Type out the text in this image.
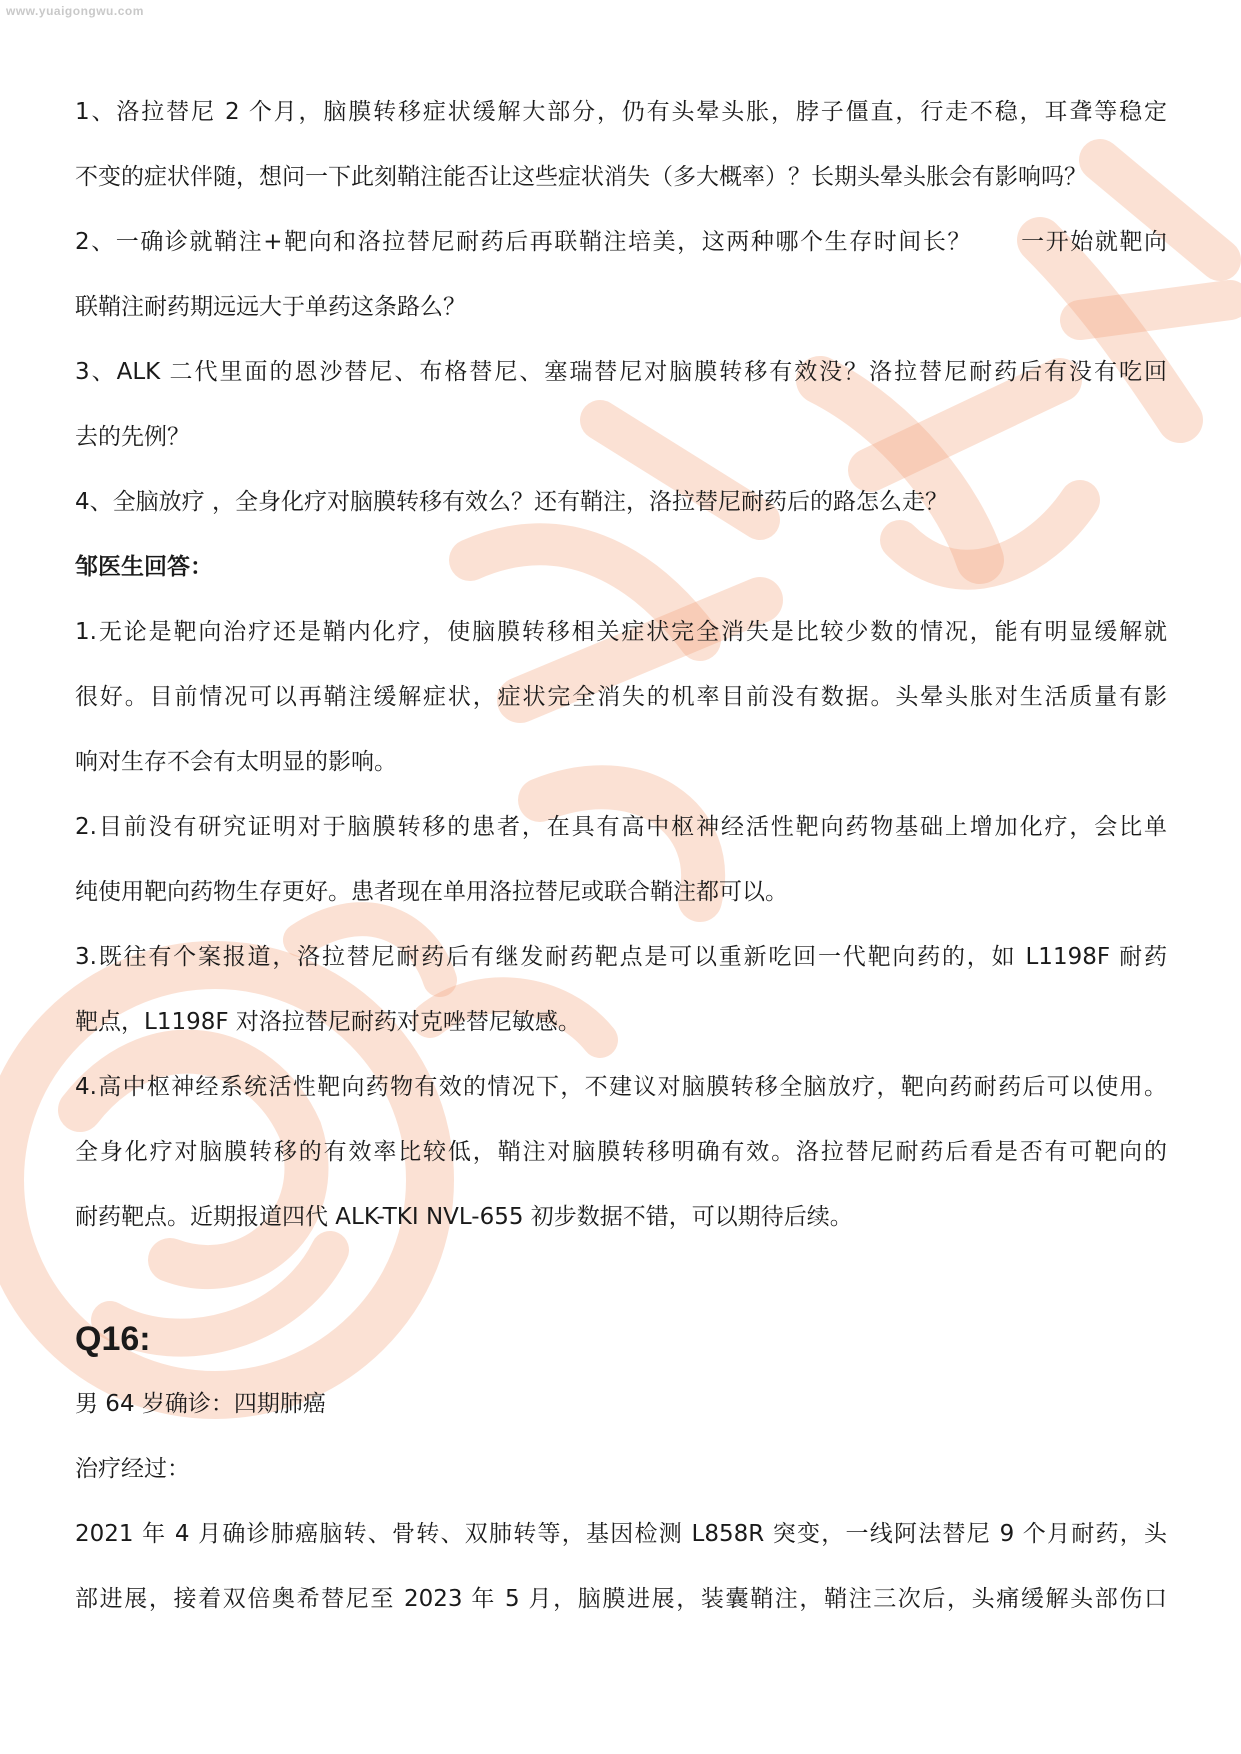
www.yuaigongwu.com

1、洛拉替尼 2 个月，脑膜转移症状缓解大部分，仍有头晕头胀，脖子僵直，行走不稳，耳聋等稳定

不变的症状伴随，想问一下此刻鞘注能否让这些症状消失（多大概率）？长期头晕头胀会有影响吗？

2、一确诊就鞘注+靶向和洛拉替尼耐药后再联鞘注培美，这两种哪个生存时间长？　　一开始就靶向

联鞘注耐药期远远大于单药这条路么？

3、ALK 二代里面的恩沙替尼、布格替尼、塞瑞替尼对脑膜转移有效没？洛拉替尼耐药后有没有吃回

去的先例？

4、全脑放疗 ，全身化疗对脑膜转移有效么？还有鞘注，洛拉替尼耐药后的路怎么走？

邹医生回答：

1.无论是靶向治疗还是鞘内化疗，使脑膜转移相关症状完全消失是比较少数的情况，能有明显缓解就

很好。目前情况可以再鞘注缓解症状，症状完全消失的机率目前没有数据。头晕头胀对生活质量有影

响对生存不会有太明显的影响。

2.目前没有研究证明对于脑膜转移的患者，在具有高中枢神经活性靶向药物基础上增加化疗，会比单

纯使用靶向药物生存更好。患者现在单用洛拉替尼或联合鞘注都可以。

3.既往有个案报道，洛拉替尼耐药后有继发耐药靶点是可以重新吃回一代靶向药的，如 L1198F 耐药

靶点，L1198F 对洛拉替尼耐药对克唑替尼敏感。

4.高中枢神经系统活性靶向药物有效的情况下，不建议对脑膜转移全脑放疗，靶向药耐药后可以使用。

全身化疗对脑膜转移的有效率比较低，鞘注对脑膜转移明确有效。洛拉替尼耐药后看是否有可靶向的

耐药靶点。近期报道四代 ALK-TKI NVL-655 初步数据不错，可以期待后续。

Q16:

男 64 岁确诊：四期肺癌

治疗经过：

2021 年 4 月确诊肺癌脑转、骨转、双肺转等，基因检测 L858R 突变，一线阿法替尼 9 个月耐药，头

部进展，接着双倍奥希替尼至 2023 年 5 月，脑膜进展，装囊鞘注，鞘注三次后，头痛缓解头部伤口
